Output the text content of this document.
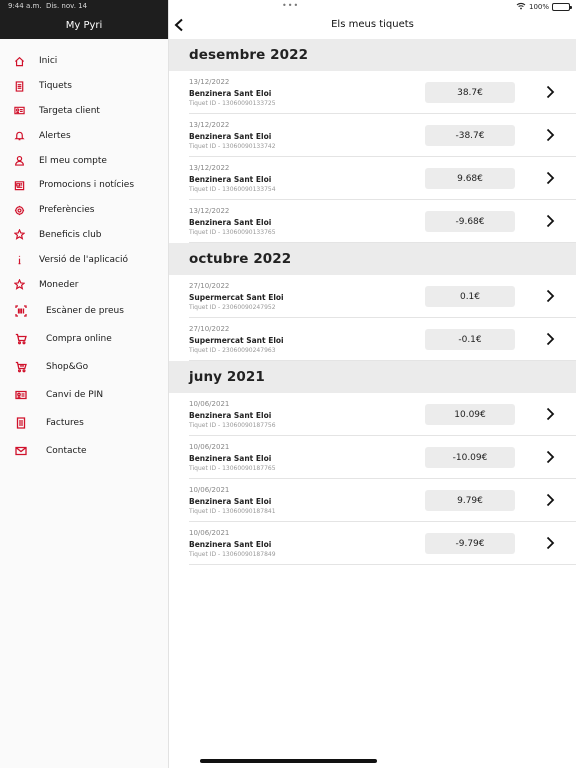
My Pyri
Inici
Tiquets
Targeta client
Alertes
El meu compte
Promocions i notícies
Preferències
Beneficis club
Versió de l'aplicació
Moneder
Escàner de preus
Compra online
Shop&Go
Canvi de PIN
Factures
Contacte
9:44 a.m. Dis. nov. 14	•••	100%
Els meus tiquets
desembre 2022
13/12/2022
Benzinera Sant Eloi
Tiquet ID - 13060090133725
38.7€
13/12/2022
Benzinera Sant Eloi
Tiquet ID - 13060090133742
-38.7€
13/12/2022
Benzinera Sant Eloi
Tiquet ID - 13060090133754
9.68€
13/12/2022
Benzinera Sant Eloi
Tiquet ID - 13060090133765
-9.68€
octubre 2022
27/10/2022
Supermercat Sant Eloi
Tiquet ID - 23060090247952
0.1€
27/10/2022
Supermercat Sant Eloi
Tiquet ID - 23060090247963
-0.1€
juny 2021
10/06/2021
Benzinera Sant Eloi
Tiquet ID - 13060090187756
10.09€
10/06/2021
Benzinera Sant Eloi
Tiquet ID - 13060090187765
-10.09€
10/06/2021
Benzinera Sant Eloi
Tiquet ID - 13060090187841
9.79€
10/06/2021
Benzinera Sant Eloi
Tiquet ID - 13060090187849
-9.79€
